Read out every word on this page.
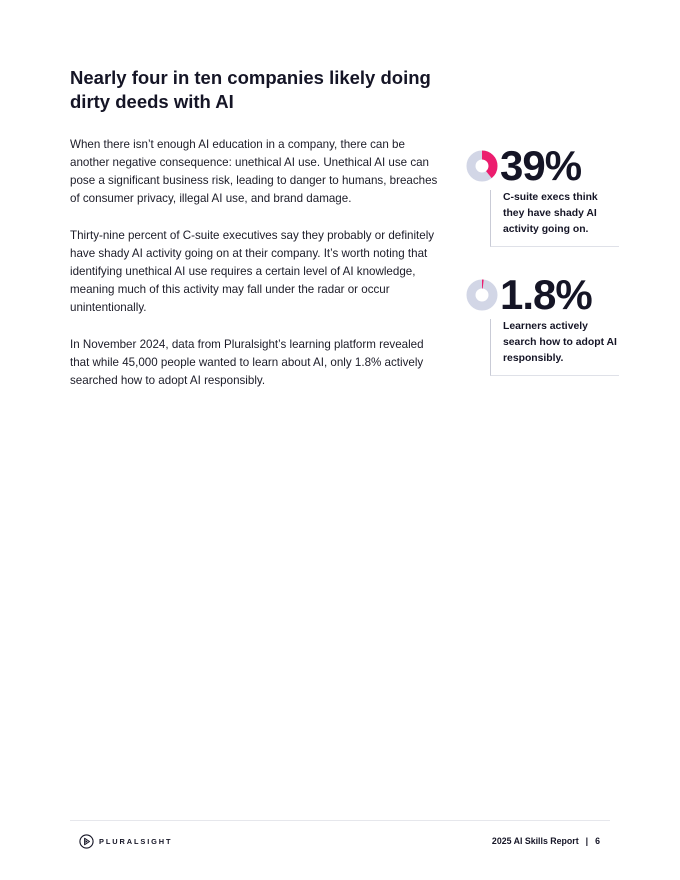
Nearly four in ten companies likely doing dirty deeds with AI

When there isn’t enough AI education in a company, there can be another negative consequence: unethical AI use. Unethical AI use can pose a significant business risk, leading to danger to humans, breaches of consumer privacy, illegal AI use, and brand damage.

Thirty-nine percent of C-suite executives say they probably or definitely have shady AI activity going on at their company. It’s worth noting that identifying unethical AI use requires a certain level of AI knowledge, meaning much of this activity may fall under the radar or occur unintentionally.

In November 2024, data from Pluralsight’s learning platform revealed that while 45,000 people wanted to learn about AI, only 1.8% actively searched how to adopt AI responsibly.

39%
C-suite execs think they have shady AI activity going on.
1.8%
Learners actively search how to adopt AI responsibly.
PLURALSIGHT	2025 AI Skills Report | 6
